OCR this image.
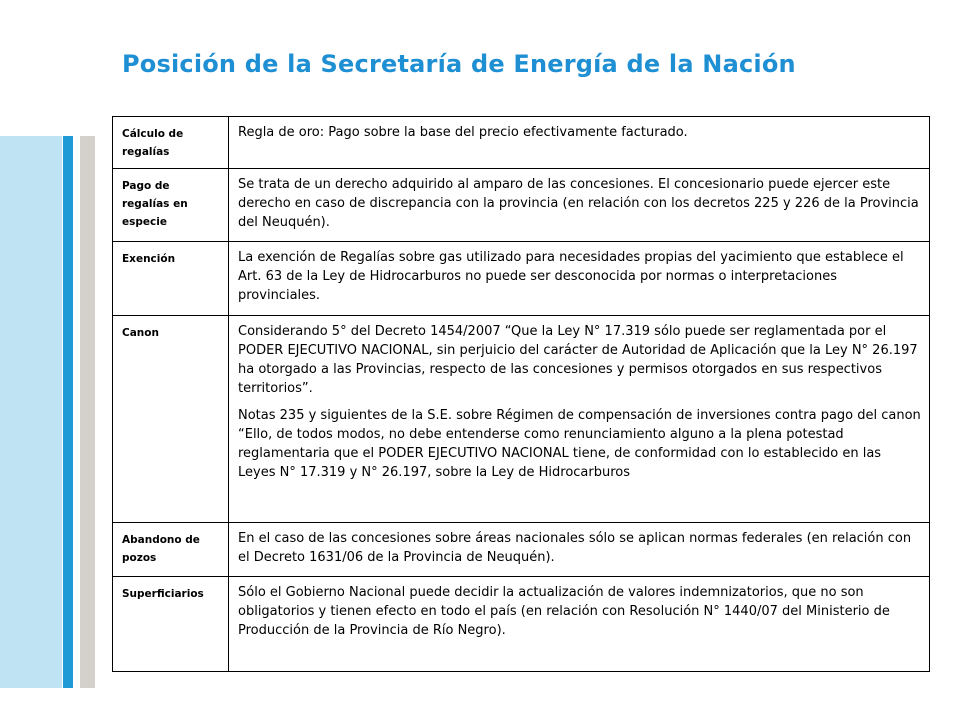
Posición de la Secretaría de Energía de la Nación
Cálculo de regalías	Regla de oro: Pago sobre la base del precio efectivamente facturado.

Pago de regalías en especie	Se trata de un derecho adquirido al amparo de las concesiones. El concesionario puede ejercer este derecho en caso de discrepancia con la provincia (en relación con los decretos 225 y 226 de la Provincia del Neuquén).

Exención	La exención de Regalías sobre gas utilizado para necesidades propias del yacimiento que establece el Art. 63 de la Ley de Hidrocarburos no puede ser desconocida por normas o interpretaciones provinciales.

Canon	Considerando 5° del Decreto 1454/2007 “Que la Ley N° 17.319 sólo puede ser reglamentada por el PODER EJECUTIVO NACIONAL, sin perjuicio del carácter de Autoridad de Aplicación que la Ley N° 26.197 ha otorgado a las Provincias, respecto de las concesiones y permisos otorgados en sus respectivos territorios”.

Notas 235 y siguientes de la S.E. sobre Régimen de compensación de inversiones contra pago del canon “Ello, de todos modos, no debe entenderse como renunciamiento alguno a la plena potestad reglamentaria que el PODER EJECUTIVO NACIONAL tiene, de conformidad con lo establecido en las Leyes N° 17.319 y N° 26.197, sobre la Ley de Hidrocarburos

Abandono de pozos	En el caso de las concesiones sobre áreas nacionales sólo se aplican normas federales (en relación con el Decreto 1631/06 de la Provincia de Neuquén).

Superficiarios	Sólo el Gobierno Nacional puede decidir la actualización de valores indemnizatorios, que no son obligatorios y tienen efecto en todo el país (en relación con Resolución N° 1440/07 del Ministerio de Producción de la Provincia de Río Negro).
